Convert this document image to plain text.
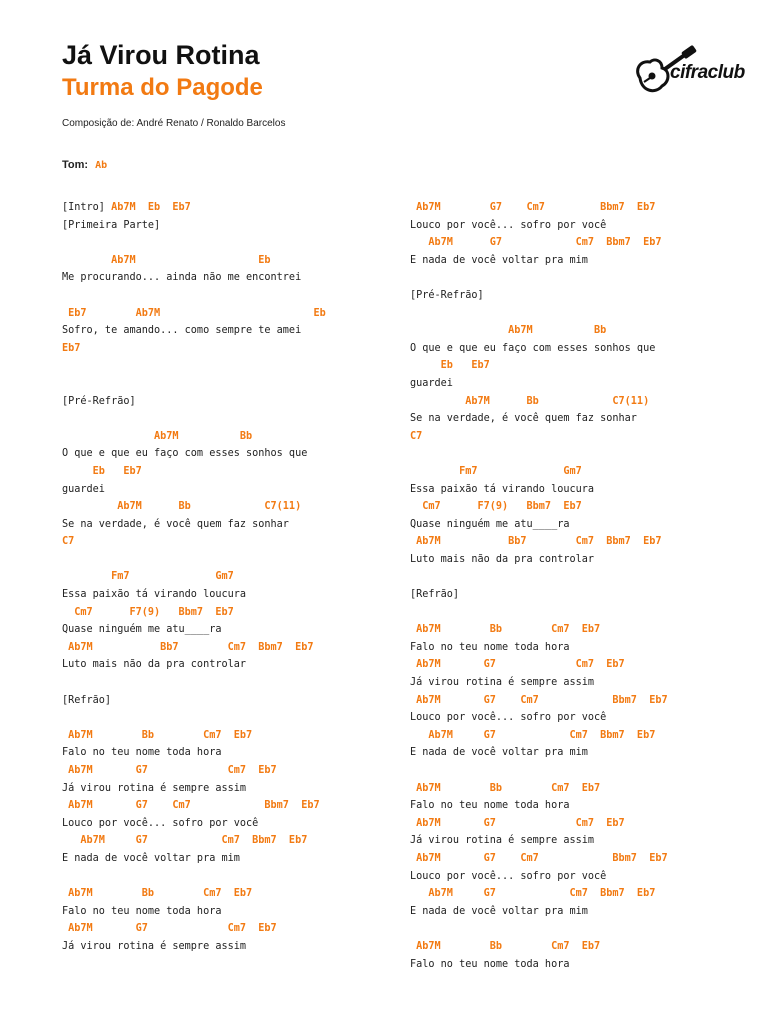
Já Virou Rotina
Turma do Pagode
Composição de: André Renato / Ronaldo Barcelos
Tom: Ab
cifraclub
[Intro] Ab7M  Eb  Eb7
[Primeira Parte]
Ab7M                    Eb
Me procurando... ainda não me encontrei
Eb7        Ab7M                         Eb
Sofro, te amando... como sempre te amei
Eb7
[Pré-Refrão]
Ab7M          Bb
O que e que eu faço com esses sonhos que
Eb   Eb7
guardei
Ab7M      Bb            C7(11)
Se na verdade, é você quem faz sonhar
C7
Fm7              Gm7
Essa paixão tá virando loucura
Cm7      F7(9)   Bbm7  Eb7
Quase ninguém me atu____ra
Ab7M           Bb7        Cm7  Bbm7  Eb7
Luto mais não da pra controlar
[Refrão]
Ab7M        Bb        Cm7  Eb7
Falo no teu nome toda hora
Ab7M       G7             Cm7  Eb7
Já virou rotina é sempre assim
Ab7M       G7    Cm7            Bbm7  Eb7
Louco por você... sofro por você
Ab7M     G7            Cm7  Bbm7  Eb7
E nada de você voltar pra mim
Ab7M        Bb        Cm7  Eb7
Falo no teu nome toda hora
Ab7M       G7             Cm7  Eb7
Já virou rotina é sempre assim
Ab7M        G7    Cm7         Bbm7  Eb7
Louco por você... sofro por você
Ab7M      G7            Cm7  Bbm7  Eb7
E nada de você voltar pra mim
[Pré-Refrão]
Ab7M          Bb
O que e que eu faço com esses sonhos que
Eb   Eb7
guardei
Ab7M      Bb            C7(11)
Se na verdade, é você quem faz sonhar
C7
Fm7              Gm7
Essa paixão tá virando loucura
Cm7      F7(9)   Bbm7  Eb7
Quase ninguém me atu____ra
Ab7M           Bb7        Cm7  Bbm7  Eb7
Luto mais não da pra controlar
[Refrão]
Ab7M        Bb        Cm7  Eb7
Falo no teu nome toda hora
Ab7M       G7             Cm7  Eb7
Já virou rotina é sempre assim
Ab7M       G7    Cm7            Bbm7  Eb7
Louco por você... sofro por você
Ab7M     G7            Cm7  Bbm7  Eb7
E nada de você voltar pra mim
Ab7M        Bb        Cm7  Eb7
Falo no teu nome toda hora
Ab7M       G7             Cm7  Eb7
Já virou rotina é sempre assim
Ab7M       G7    Cm7            Bbm7  Eb7
Louco por você... sofro por você
Ab7M     G7            Cm7  Bbm7  Eb7
E nada de você voltar pra mim
Ab7M        Bb        Cm7  Eb7
Falo no teu nome toda hora
